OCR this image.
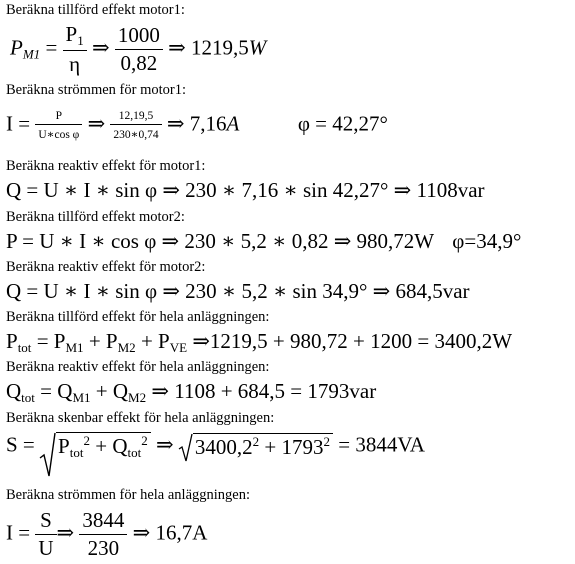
Beräkna tillförd effekt motor1:
$P_{M1} = \frac{P_1}{\eta}$ ⇒ $\frac{1000}{0,82}$ ⇒ 1219,5W
Beräkna strömmen för motor1:
$I = \frac{P}{\text{U∗cos φ}}$ ⇒ $\frac{12,19,5}{230∗0,74}$ ⇒ 7,16A	φ = 42,27°
Beräkna reaktiv effekt för motor1:
Q = U ∗ I ∗ sin φ ⇒ 230 ∗ 7,16 ∗ sin 42,27° ⇒ 1108var
Beräkna tillförd effekt motor2:
P = U ∗ I ∗ cos φ ⇒ 230 ∗ 5,2 ∗ 0,82 ⇒ 980,72W φ=34,9°
Beräkna reaktiv effekt för motor2:
Q = U ∗ I ∗ sin φ ⇒ 230 ∗ 5,2 ∗ sin 34,9° ⇒ 684,5var
Beräkna tillförd effekt för hela anläggningen:
$P_{tot} = P_{M1} + P_{M2} + P_{VE}$ ⇒1219,5 + 980,72 + 1200 = 3400,2W
Beräkna reaktiv effekt för hela anläggningen:
$Q_{tot} = Q_{M1} + Q_{M2}$ ⇒ 1108 + 684,5 = 1793var
Beräkna skenbar effekt för hela anläggningen:
S =
$P_{tot}^2 + Q_{tot}^2$ ⇒
$3400,2^2 + 1793^2 = 3844VA$
Beräkna strömmen för hela anläggningen:
$I = \frac{S}{U}$ ⇒ $\frac{3844}{230}$ ⇒ 16,7A
